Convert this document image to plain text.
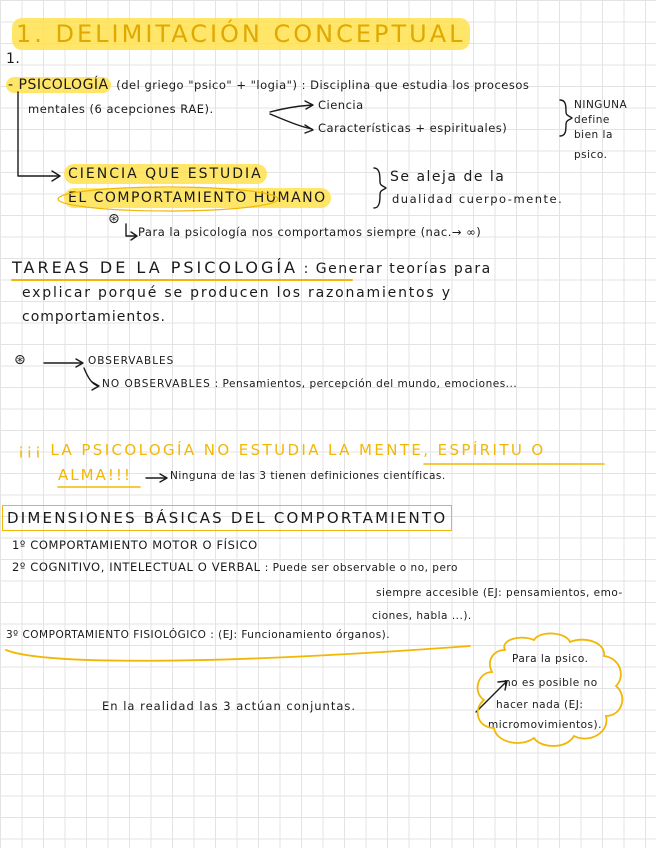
1. DELIMITACIÓN CONCEPTUAL
1.
- PSICOLOGÍA (del griego "psico" + "logia") : Disciplina que estudia los procesos
mentales (6 acepciones RAE).	Ciencia
Características + espirituales)
NINGUNA
define
bien la
psico.
CIENCIA QUE ESTUDIA
EL COMPORTAMIENTO HUMANO
Se aleja de la
dualidad cuerpo-mente.
⊛
Para la psicología nos comportamos siempre (nac.→ ∞)
TAREAS DE LA PSICOLOGÍA : Generar teorías para
explicar porqué se producen los razonamientos y
comportamientos.
⊛	OBSERVABLES
NO OBSERVABLES : Pensamientos, percepción del mundo, emociones...
¡¡¡ LA PSICOLOGÍA NO ESTUDIA LA MENTE, ESPÍRITU O
ALMA!!!	Ninguna de las 3 tienen definiciones científicas.
DIMENSIONES BÁSICAS DEL COMPORTAMIENTO
1º COMPORTAMIENTO MOTOR O FÍSICO
2º COGNITIVO, INTELECTUAL O VERBAL : Puede ser observable o no, pero
siempre accesible (EJ: pensamientos, emo-
ciones, habla ...).
3º COMPORTAMIENTO FISIOLÓGICO : (EJ: Funcionamiento órganos).
En la realidad las 3 actúan conjuntas.
Para la psico.
no es posible no
hacer nada (EJ:
micromovimientos).
